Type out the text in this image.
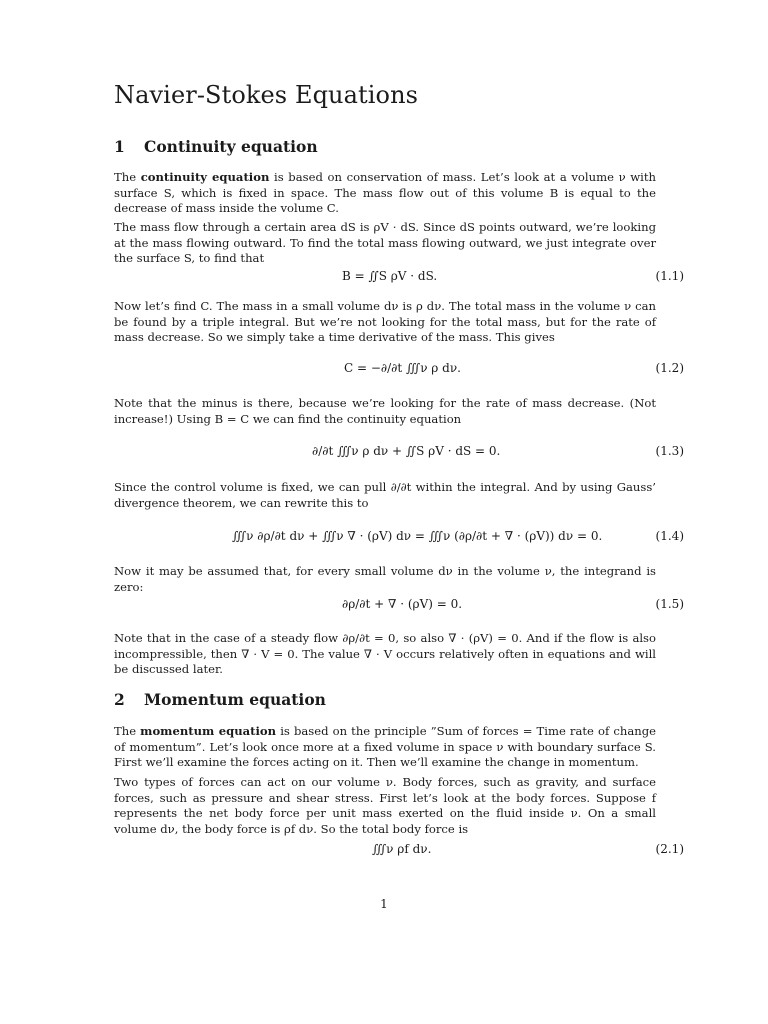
Navier-Stokes Equations
1 Continuity equation
The continuity equation is based on conservation of mass. Let’s look at a volume ν with surface S, which is fixed in space. The mass flow out of this volume B is equal to the decrease of mass inside the volume C.
The mass flow through a certain area dS is ρV · dS. Since dS points outward, we’re looking at the mass flowing outward. To find the total mass flowing outward, we just integrate over the surface S, to find that
B = ∬S ρV · dS.	(1.1)
Now let’s find C. The mass in a small volume dν is ρ dν. The total mass in the volume ν can be found by a triple integral. But we’re not looking for the total mass, but for the rate of mass decrease. So we simply take a time derivative of the mass. This gives
C = −∂/∂t ∭ν ρ dν.	(1.2)
Note that the minus is there, because we’re looking for the rate of mass decrease. (Not increase!) Using B = C we can find the continuity equation
∂/∂t ∭ν ρ dν + ∬S ρV · dS = 0.	(1.3)
Since the control volume is fixed, we can pull ∂/∂t within the integral. And by using Gauss’ divergence theorem, we can rewrite this to
∭ν ∂ρ/∂t dν + ∭ν ∇ · (ρV) dν = ∭ν (∂ρ/∂t + ∇ · (ρV)) dν = 0.	(1.4)
Now it may be assumed that, for every small volume dν in the volume ν, the integrand is zero:
∂ρ/∂t + ∇ · (ρV) = 0.	(1.5)
Note that in the case of a steady flow ∂ρ/∂t = 0, so also ∇ · (ρV) = 0. And if the flow is also incompressible, then ∇ · V = 0. The value ∇ · V occurs relatively often in equations and will be discussed later.
2 Momentum equation
The momentum equation is based on the principle ”Sum of forces = Time rate of change of momentum”. Let’s look once more at a fixed volume in space ν with boundary surface S. First we’ll examine the forces acting on it. Then we’ll examine the change in momentum.
Two types of forces can act on our volume ν. Body forces, such as gravity, and surface forces, such as pressure and shear stress. First let’s look at the body forces. Suppose f represents the net body force per unit mass exerted on the fluid inside ν. On a small volume dν, the body force is ρf dν. So the total body force is
∭ν ρf dν.	(2.1)
1
